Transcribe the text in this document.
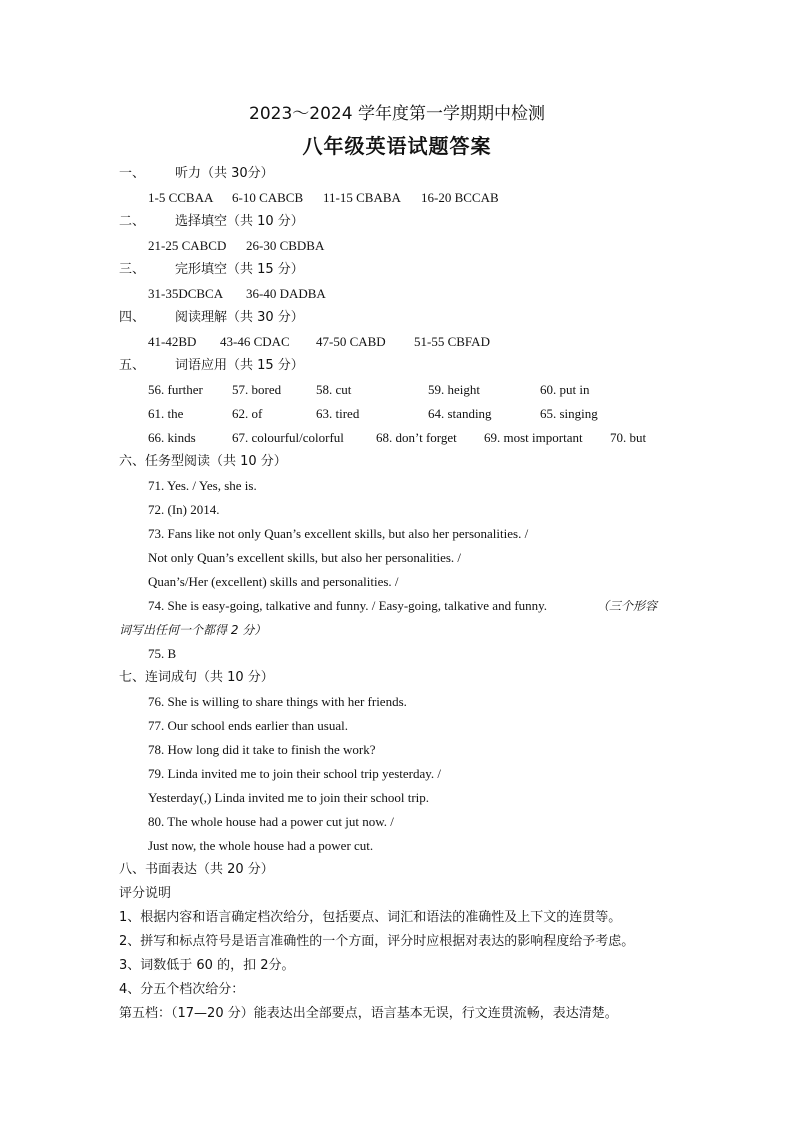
2023～2024 学年度第一学期期中检测
八年级英语试题答案
一、 听力（共 30分）
1-5 CCBAA 6-10 CABCB 11-15 CBABA 16-20 BCCAB
二、 选择填空（共 10 分）
21-25 CABCD 26-30 CBDBA
三、 完形填空（共 15 分）
31-35DCBCA 36-40 DADBA
四、 阅读理解（共 30 分）
41-42BD 43-46 CDAC 47-50 CABD 51-55 CBFAD
五、 词语应用（共 15 分）
56. further 57. bored	58. cut	59. height	60. put in
61. the	62. of	63. tired	64. standing	65. singing
66. kinds	67. colourful/colorful 68. don’t forget 69. most important 70. but
六、任务型阅读（共 10 分）
71. Yes. / Yes, she is.
72. (In) 2014.
73. Fans like not only Quan’s excellent skills, but also her personalities. /
Not only Quan’s excellent skills, but also her personalities. /
Quan’s/Her (excellent) skills and personalities. /
74. She is easy-going, talkative and funny. / Easy-going, talkative and funny.	（三个形容
词写出任何一个都得 2 分）
75. B
七、连词成句（共 10 分）
76. She is willing to share things with her friends.
77. Our school ends earlier than usual.
78. How long did it take to finish the work?
79. Linda invited me to join their school trip yesterday. /
Yesterday(,) Linda invited me to join their school trip.
80. The whole house had a power cut jut now. /
Just now, the whole house had a power cut.
八、书面表达（共 20 分）
评分说明
1、根据内容和语言确定档次给分，包括要点、词汇和语法的准确性及上下文的连贯等。
2、拼写和标点符号是语言准确性的一个方面，评分时应根据对表达的影响程度给予考虑。
3、词数低于 60 的，扣 2分。
4、分五个档次给分：
第五档：（17—20 分）能表达出全部要点，语言基本无误，行文连贯流畅，表达清楚。
